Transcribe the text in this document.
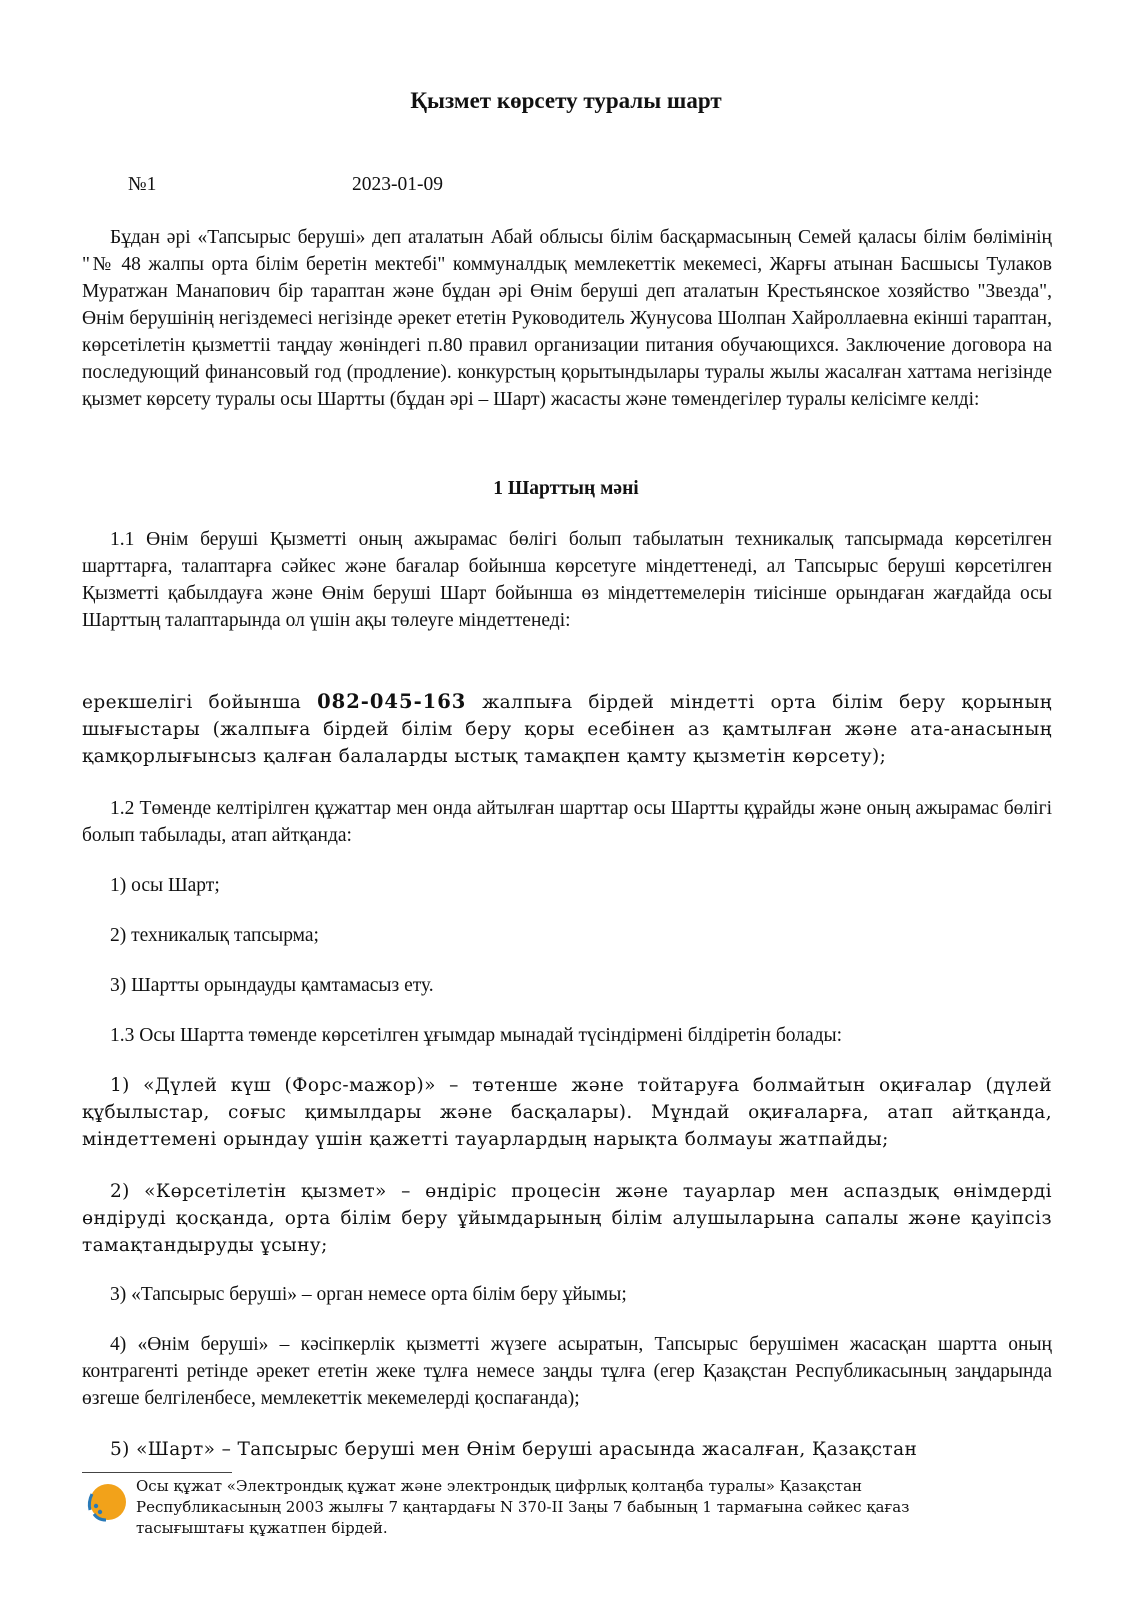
Қызмет көрсету туралы шарт
№1	2023-01-09

Бұдан әрі «Тапсырыс беруші» деп аталатын Абай облысы білім басқармасының Семей қаласы білім бөлімінің "№ 48 жалпы орта білім беретін мектебі" коммуналдық мемлекеттік мекемесі, Жарғы атынан Басшысы Тулаков Муратжан Манапович бір тараптан және бұдан әрі Өнім беруші деп аталатын Крестьянское хозяйство "Звезда", Өнім берушінің негіздемесі негізінде әрекет ететін Руководитель Жунусова Шолпан Хайроллаевна екінші тараптан, көрсетілетін қызметтіі таңдау жөніндегі п.80 правил организации питания обучающихся. Заключение договора на последующий финансовый год (продление). конкурстың қорытындылары туралы жылы жасалған хаттама негізінде қызмет көрсету туралы осы Шартты (бұдан әрі – Шарт) жасасты және төмендегілер туралы келісімге келді:

1 Шарттың мәні

1.1 Өнім беруші Қызметті оның ажырамас бөлігі болып табылатын техникалық тапсырмада көрсетілген шарттарға, талаптарға сәйкес және бағалар бойынша көрсетуге міндеттенеді, ал Тапсырыс беруші көрсетілген Қызметті қабылдауға және Өнім беруші Шарт бойынша өз міндеттемелерін тиісінше орындаған жағдайда осы Шарттың талаптарында ол үшін ақы төлеуге міндеттенеді:

ерекшелігі бойынша 082-045-163 жалпыға бірдей міндетті орта білім беру қорының шығыстары (жалпыға бірдей білім беру қоры есебінен аз қамтылған және ата-анасының қамқорлығынсыз қалған балаларды ыстық тамақпен қамту қызметін көрсету);

1.2 Төменде келтірілген құжаттар мен онда айтылған шарттар осы Шартты құрайды және оның ажырамас бөлігі болып табылады, атап айтқанда:

1) осы Шарт;

2) техникалық тапсырма;

3) Шартты орындауды қамтамасыз ету.

1.3 Осы Шартта төменде көрсетілген ұғымдар мынадай түсіндірмені білдіретін болады:

1) «Дүлей күш (Форс-мажор)» – төтенше және тойтаруға болмайтын оқиғалар (дүлей құбылыстар, соғыс қимылдары және басқалары). Мұндай оқиғаларға, атап айтқанда, міндеттемені орындау үшін қажетті тауарлардың нарықта болмауы жатпайды;

2) «Көрсетілетін қызмет» – өндіріс процесін және тауарлар мен аспаздық өнімдерді өндіруді қосқанда, орта білім беру ұйымдарының білім алушыларына сапалы және қауіпсіз тамақтандыруды ұсыну;

3) «Тапсырыс беруші» – орган немесе орта білім беру ұйымы;

4) «Өнім беруші» – кәсіпкерлік қызметті жүзеге асыратын, Тапсырыс берушімен жасасқан шартта оның контрагенті ретінде әрекет ететін жеке тұлға немесе заңды тұлға (егер Қазақстан Республикасының заңдарында өзгеше белгіленбесе, мемлекеттік мекемелерді қоспағанда);

5) «Шарт» – Тапсырыс беруші мен Өнім беруші арасында жасалған, Қазақстан

Осы құжат «Электрондық құжат және электрондық цифрлық қолтаңба туралы» Қазақстан Республикасының 2003 жылғы 7 қаңтардағы N 370-II Заңы 7 бабының 1 тармағына сәйкес қағаз тасығыштағы құжатпен бірдей.
